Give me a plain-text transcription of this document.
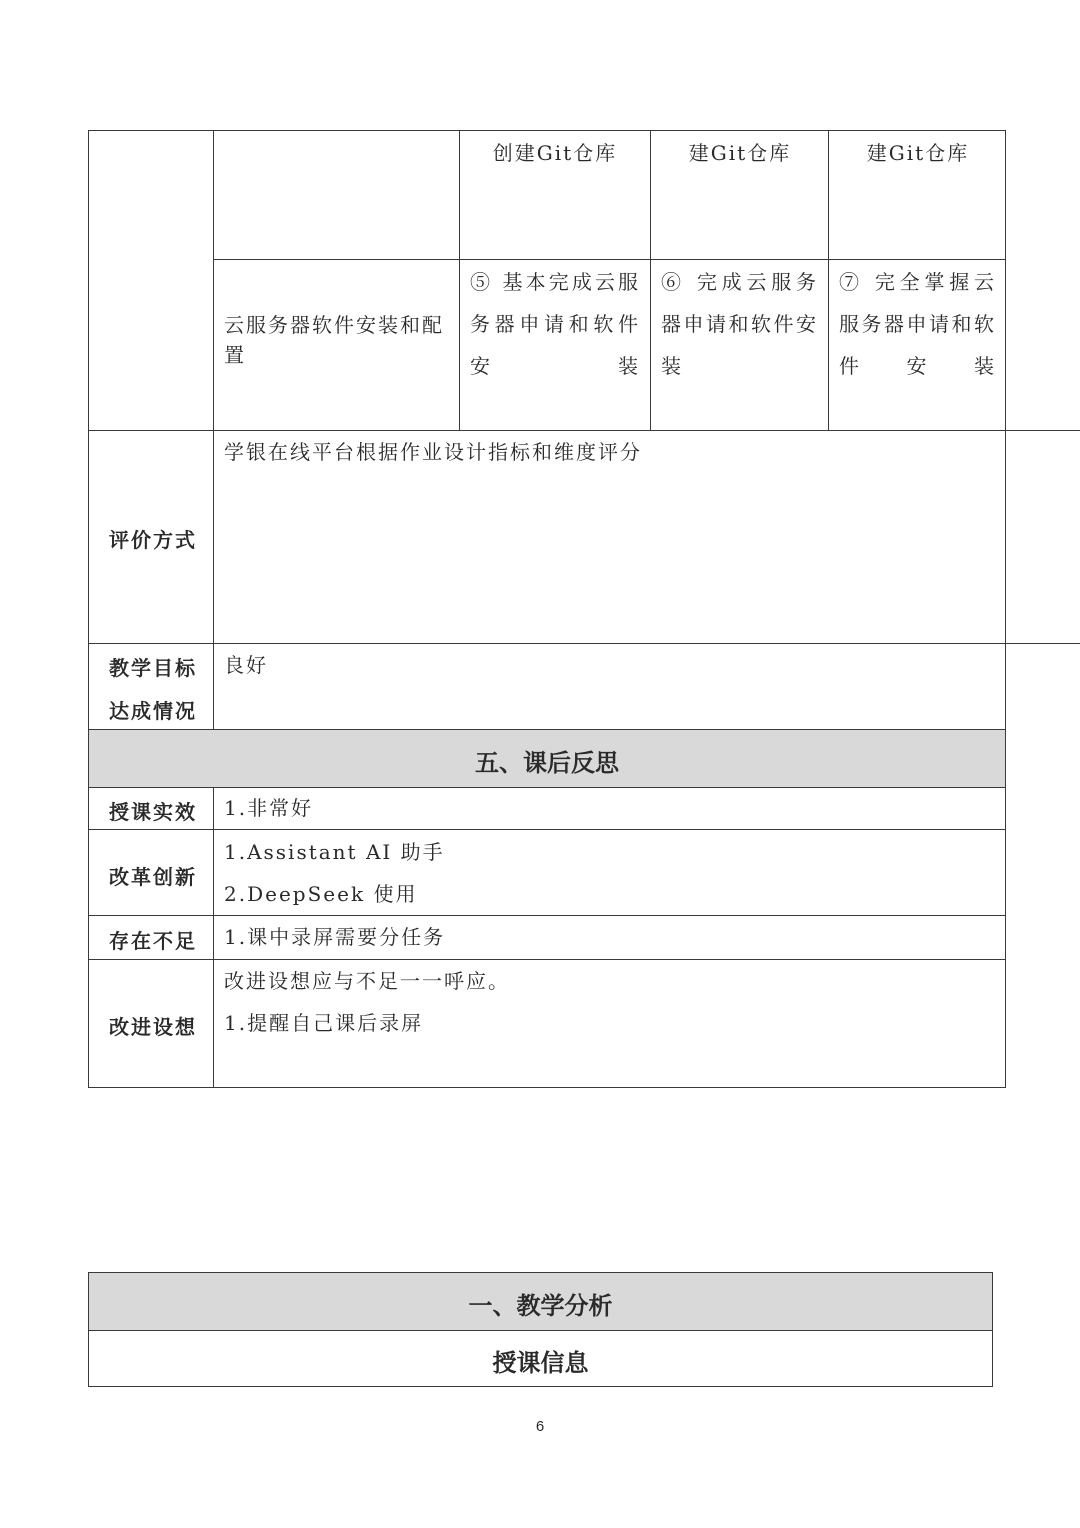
创建Git仓库	建Git仓库	建Git仓库
云服务器软件安装和配置
⑤ 基本完成云服务器申请和软件安装
⑥ 完成云服务器申请和软件安装
⑦ 完全掌握云服务器申请和软件安装
评价方式
学银在线平台根据作业设计指标和维度评分
教学目标
达成情况
良好
五、课后反思
授课实效 1.非常好
改革创新
1.Assistant AI 助手
2.DeepSeek 使用
存在不足 1.课中录屏需要分任务
改进设想
改进设想应与不足一一呼应。
1.提醒自己课后录屏
一、教学分析
授课信息
6
